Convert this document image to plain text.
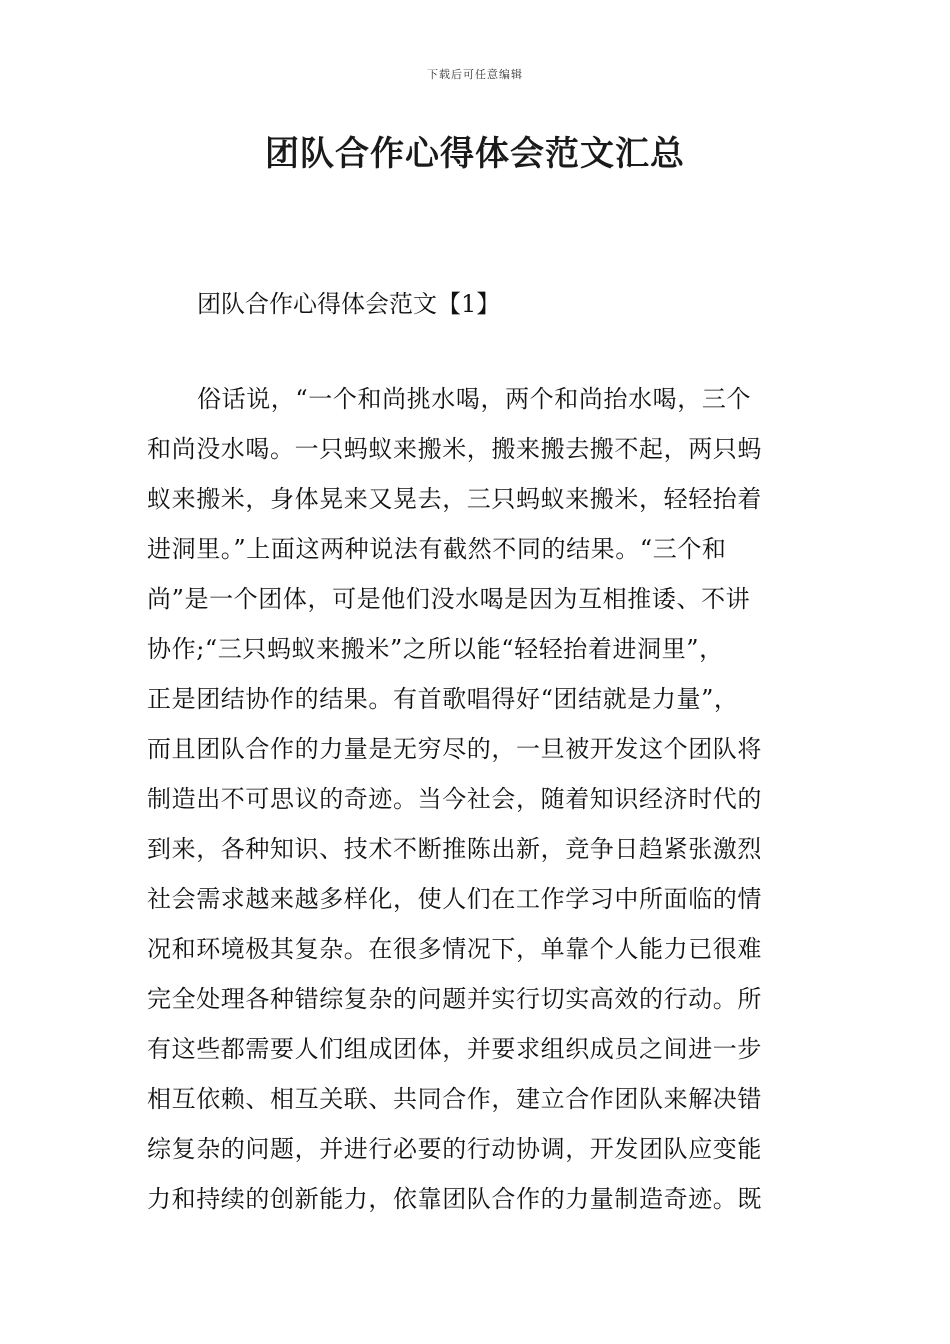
下载后可任意编辑
团队合作心得体会范文汇总
团队合作心得体会范文【1】
俗话说，“一个和尚挑水喝，两个和尚抬水喝，三个
和尚没水喝。一只蚂蚁来搬米，搬来搬去搬不起，两只蚂
蚁来搬米，身体晃来又晃去，三只蚂蚁来搬米，轻轻抬着
进洞里。”上面这两种说法有截然不同的结果。“三个和
尚”是一个团体，可是他们没水喝是因为互相推诿、不讲
协作;“三只蚂蚁来搬米”之所以能“轻轻抬着进洞里”，
正是团结协作的结果。有首歌唱得好“团结就是力量”，
而且团队合作的力量是无穷尽的，一旦被开发这个团队将
制造出不可思议的奇迹。当今社会，随着知识经济时代的
到来，各种知识、技术不断推陈出新，竞争日趋紧张激烈
社会需求越来越多样化，使人们在工作学习中所面临的情
况和环境极其复杂。在很多情况下，单靠个人能力已很难
完全处理各种错综复杂的问题并实行切实高效的行动。所
有这些都需要人们组成团体，并要求组织成员之间进一步
相互依赖、相互关联、共同合作，建立合作团队来解决错
综复杂的问题，并进行必要的行动协调，开发团队应变能
力和持续的创新能力，依靠团队合作的力量制造奇迹。既
